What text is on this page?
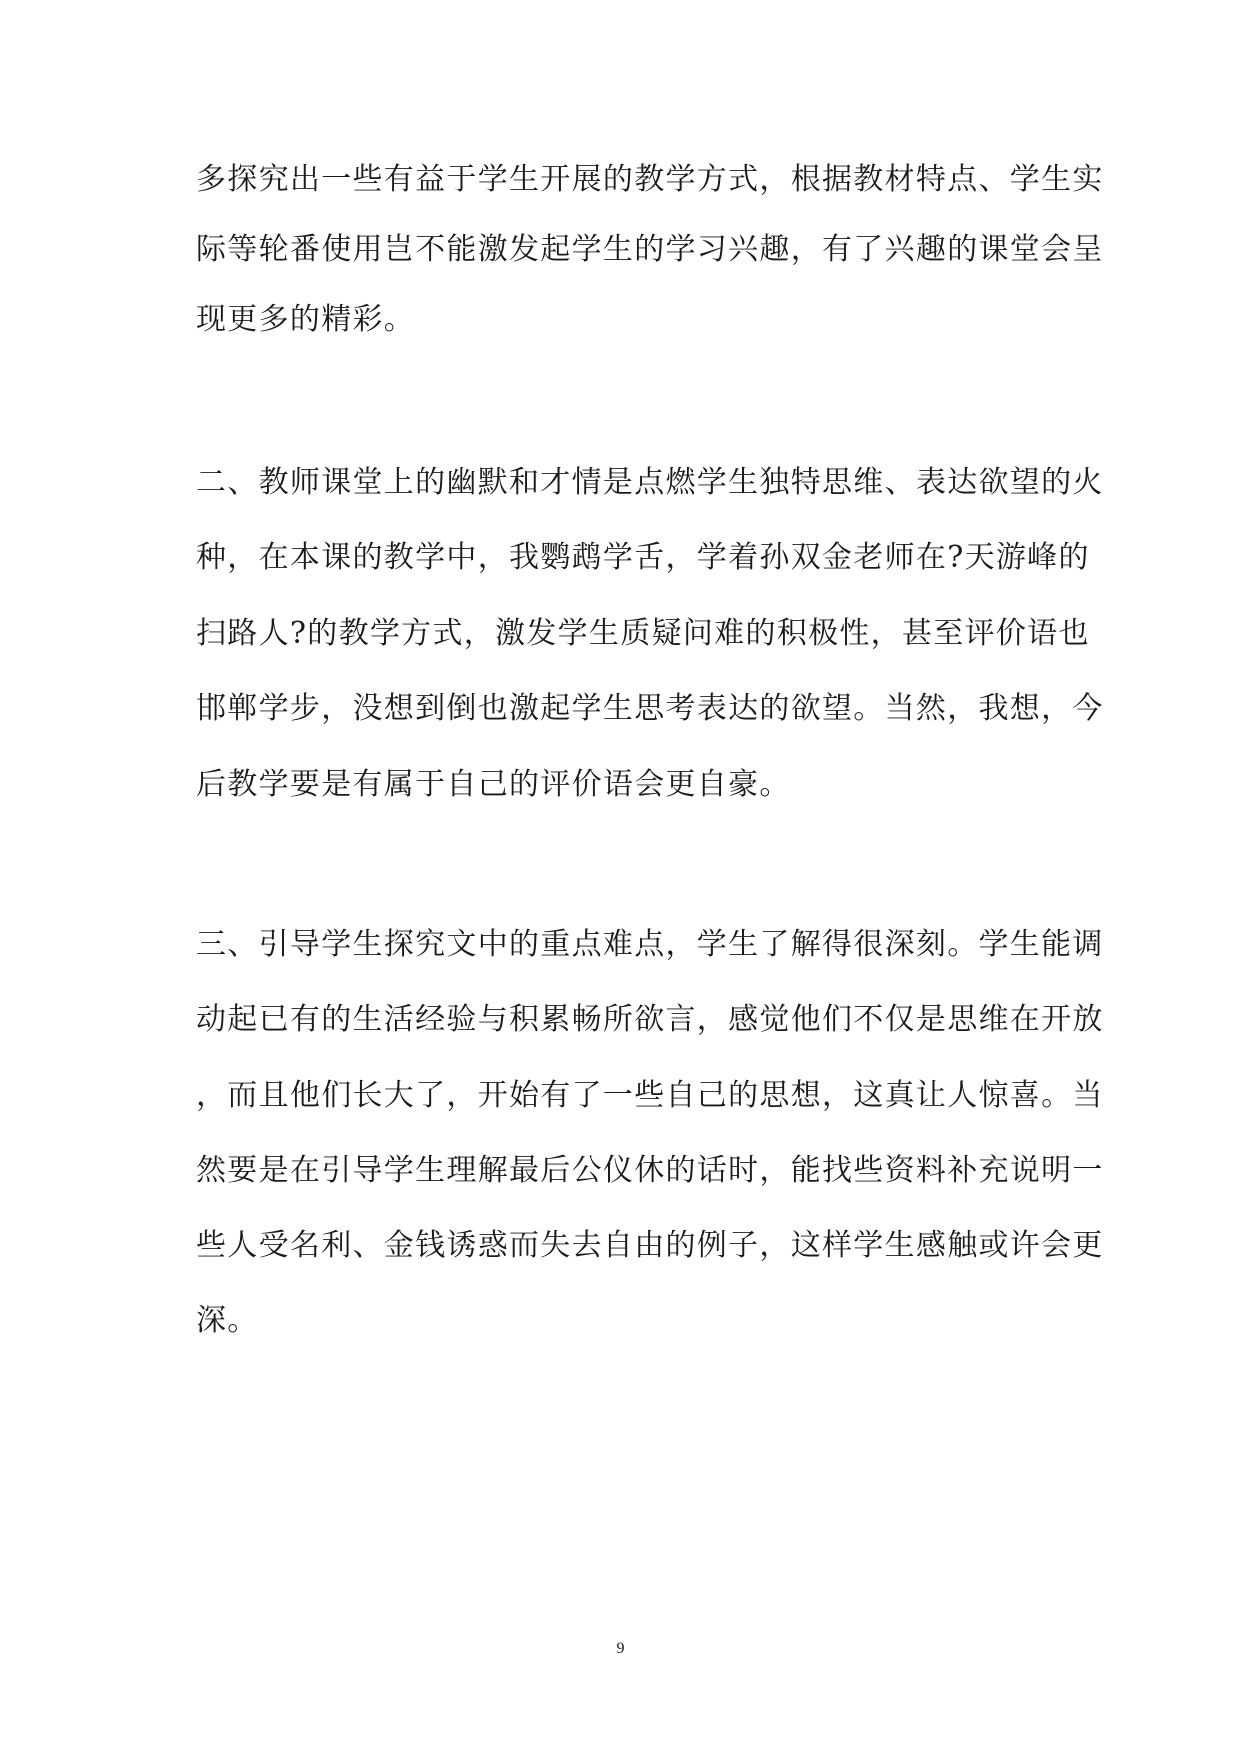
多探究出一些有益于学生开展的教学方式，根据教材特点、学生实
际等轮番使用岂不能激发起学生的学习兴趣，有了兴趣的课堂会呈
现更多的精彩。
二、教师课堂上的幽默和才情是点燃学生独特思维、表达欲望的火
种，在本课的教学中，我鹦鹉学舌，学着孙双金老师在?天游峰的
扫路人?的教学方式，激发学生质疑问难的积极性，甚至评价语也
邯郸学步，没想到倒也激起学生思考表达的欲望。当然，我想，今
后教学要是有属于自己的评价语会更自豪。
三、引导学生探究文中的重点难点，学生了解得很深刻。学生能调
动起已有的生活经验与积累畅所欲言，感觉他们不仅是思维在开放
，而且他们长大了，开始有了一些自己的思想，这真让人惊喜。当
然要是在引导学生理解最后公仪休的话时，能找些资料补充说明一
些人受名利、金钱诱惑而失去自由的例子，这样学生感触或许会更
深。
9
